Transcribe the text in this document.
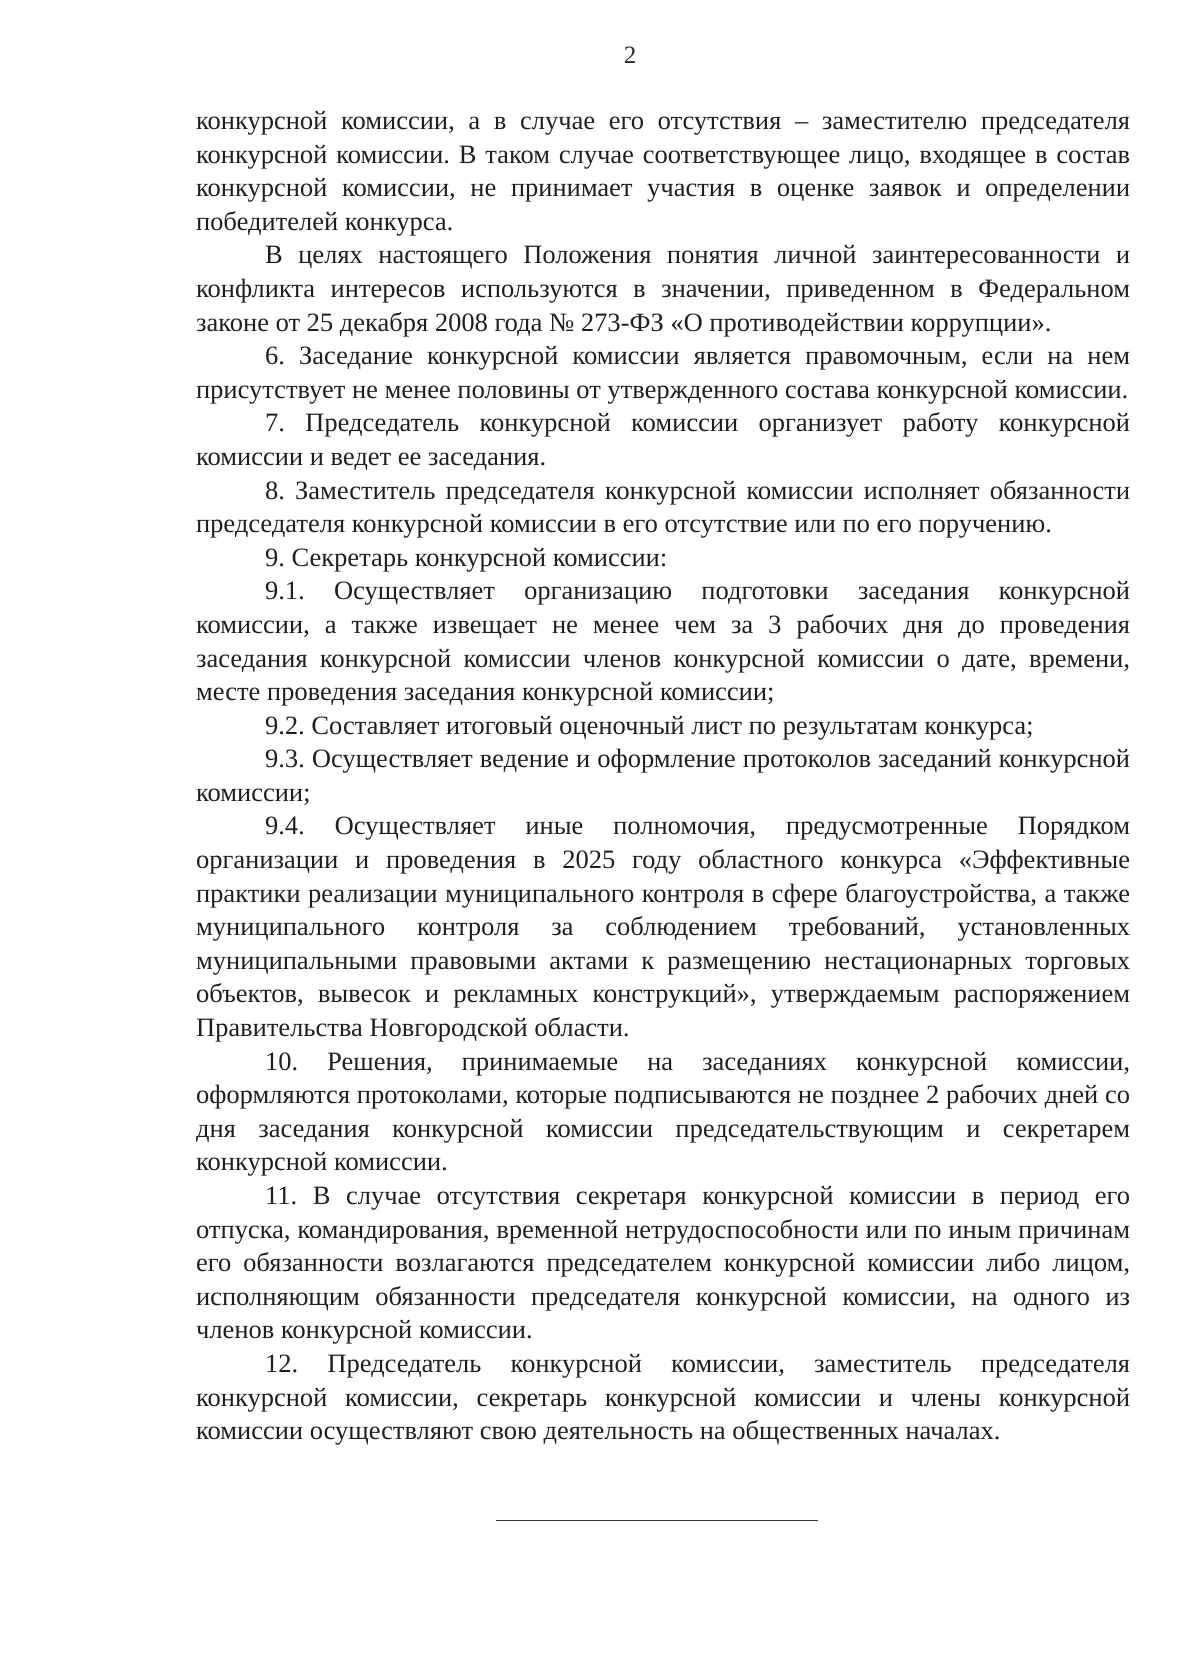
2

конкурсной комиссии, а в случае его отсутствия – заместителю председателя конкурсной комиссии. В таком случае соответствующее лицо, входящее в состав конкурсной комиссии, не принимает участия в оценке заявок и определении победителей конкурса.

В целях настоящего Положения понятия личной заинтересованности и конфликта интересов используются в значении, приведенном в Федеральном законе от 25 декабря 2008 года № 273-ФЗ «О противодействии коррупции».

6. Заседание конкурсной комиссии является правомочным, если на нем присутствует не менее половины от утвержденного состава конкурсной комиссии.

7. Председатель конкурсной комиссии организует работу конкурсной комиссии и ведет ее заседания.

8. Заместитель председателя конкурсной комиссии исполняет обязанности председателя конкурсной комиссии в его отсутствие или по его поручению.

9. Секретарь конкурсной комиссии:

9.1. Осуществляет организацию подготовки заседания конкурсной комиссии, а также извещает не менее чем за 3 рабочих дня до проведения заседания конкурсной комиссии членов конкурсной комиссии о дате, времени, месте проведения заседания конкурсной комиссии;

9.2. Составляет итоговый оценочный лист по результатам конкурса;

9.3. Осуществляет ведение и оформление протоколов заседаний конкурсной комиссии;

9.4. Осуществляет иные полномочия, предусмотренные Порядком организации и проведения в 2025 году областного конкурса «Эффективные практики реализации муниципального контроля в сфере благоустройства, а также муниципального контроля за соблюдением требований, установленных муниципальными правовыми актами к размещению нестационарных торговых объектов, вывесок и рекламных конструкций», утверждаемым распоряжением Правительства Новгородской области.

10. Решения, принимаемые на заседаниях конкурсной комиссии, оформляются протоколами, которые подписываются не позднее 2 рабочих дней со дня заседания конкурсной комиссии председательствующим и секретарем конкурсной комиссии.

11. В случае отсутствия секретаря конкурсной комиссии в период его отпуска, командирования, временной нетрудоспособности или по иным причинам его обязанности возлагаются председателем конкурсной комиссии либо лицом, исполняющим обязанности председателя конкурсной комиссии, на одного из членов конкурсной комиссии.

12. Председатель конкурсной комиссии, заместитель председателя конкурсной комиссии, секретарь конкурсной комиссии и члены конкурсной комиссии осуществляют свою деятельность на общественных началах.
